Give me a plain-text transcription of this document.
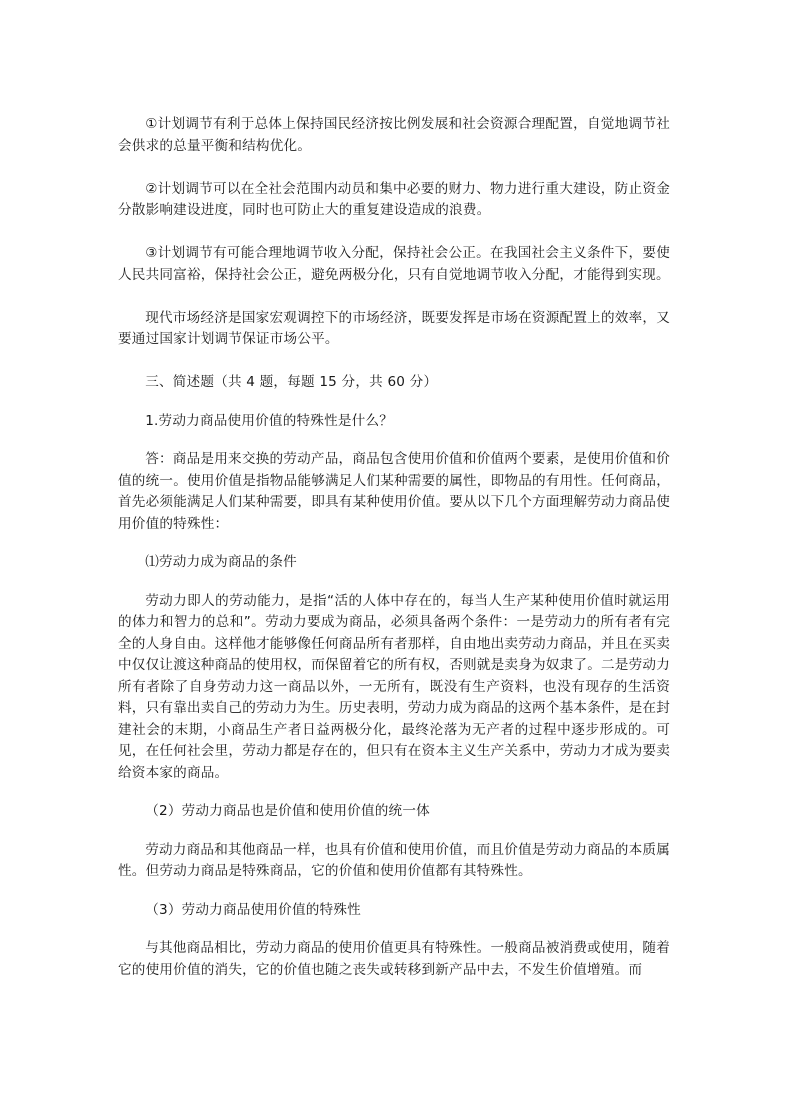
①计划调节有利于总体上保持国民经济按比例发展和社会资源合理配置，自觉地调节社会供求的总量平衡和结构优化。

②计划调节可以在全社会范围内动员和集中必要的财力、物力进行重大建设，防止资金分散影响建设进度，同时也可防止大的重复建设造成的浪费。

③计划调节有可能合理地调节收入分配，保持社会公正。在我国社会主义条件下，要使人民共同富裕，保持社会公正，避免两极分化，只有自觉地调节收入分配，才能得到实现。

现代市场经济是国家宏观调控下的市场经济，既要发挥是市场在资源配置上的效率，又要通过国家计划调节保证市场公平。

三、简述题（共 4 题，每题 15 分，共 60 分）

1.劳动力商品使用价值的特殊性是什么？

答：商品是用来交换的劳动产品，商品包含使用价值和价值两个要素，是使用价值和价值的统一。使用价值是指物品能够满足人们某种需要的属性，即物品的有用性。任何商品，首先必须能满足人们某种需要，即具有某种使用价值。要从以下几个方面理解劳动力商品使用价值的特殊性：

⑴劳动力成为商品的条件

劳动力即人的劳动能力，是指“活的人体中存在的，每当人生产某种使用价值时就运用的体力和智力的总和”。劳动力要成为商品，必须具备两个条件：一是劳动力的所有者有完全的人身自由。这样他才能够像任何商品所有者那样，自由地出卖劳动力商品，并且在买卖中仅仅让渡这种商品的使用权，而保留着它的所有权，否则就是卖身为奴隶了。二是劳动力所有者除了自身劳动力这一商品以外，一无所有，既没有生产资料，也没有现存的生活资料，只有靠出卖自己的劳动力为生。历史表明，劳动力成为商品的这两个基本条件，是在封建社会的末期，小商品生产者日益两极分化，最终沦落为无产者的过程中逐步形成的。可见，在任何社会里，劳动力都是存在的，但只有在资本主义生产关系中，劳动力才成为要卖给资本家的商品。

（2）劳动力商品也是价值和使用价值的统一体

劳动力商品和其他商品一样，也具有价值和使用价值，而且价值是劳动力商品的本质属性。但劳动力商品是特殊商品，它的价值和使用价值都有其特殊性。

（3）劳动力商品使用价值的特殊性

与其他商品相比，劳动力商品的使用价值更具有特殊性。一般商品被消费或使用，随着它的使用价值的消失，它的价值也随之丧失或转移到新产品中去，不发生价值增殖。而
